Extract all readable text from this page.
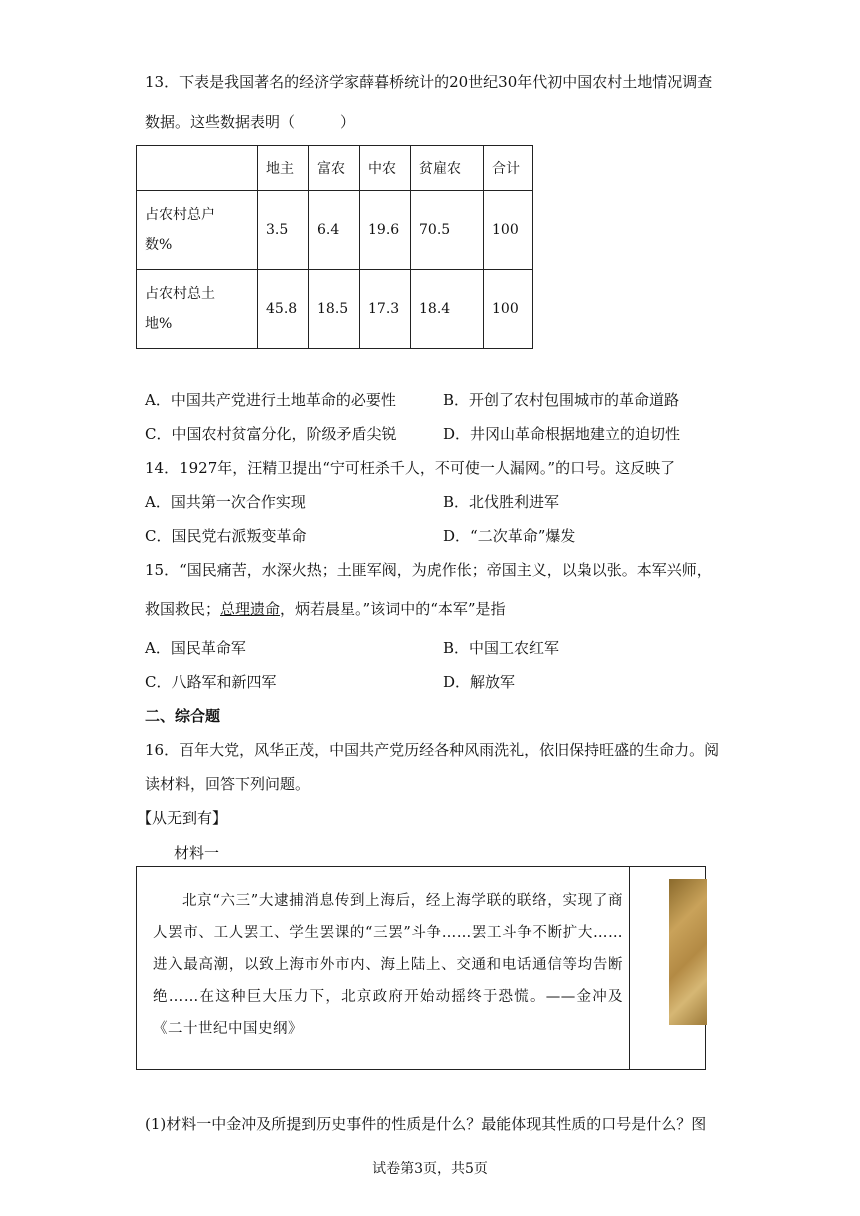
13．下表是我国著名的经济学家薛暮桥统计的20世纪30年代初中国农村土地情况调查
数据。这些数据表明（　　　）
	地主	富农	中农	贫雇农	合计

占农村总户
数%	3.5	6.4	19.6	70.5	100

占农村总土
地%	45.8	18.5	17.3	18.4	100
A．中国共产党进行土地革命的必要性	B．开创了农村包围城市的革命道路
C．中国农村贫富分化，阶级矛盾尖锐	D．井冈山革命根据地建立的迫切性
14．1927年，汪精卫提出“宁可枉杀千人，不可使一人漏网。”的口号。这反映了
A．国共第一次合作实现	B．北伐胜利进军
C．国民党右派叛变革命	D．“二次革命”爆发
15．“国民痛苦，水深火热；土匪军阀，为虎作伥；帝国主义，以枭以张。本军兴师，
救国救民；总理遗命，炳若晨星。”该词中的“本军”是指
A．国民革命军	B．中国工农红军
C．八路军和新四军	D．解放军
二、综合题
16．百年大党，风华正茂，中国共产党历经各种风雨洗礼，依旧保持旺盛的生命力。阅
读材料，回答下列问题。
【从无到有】
材料一
北京“六三”大逮捕消息传到上海后，经上海学联的联络，实现了商人罢市、工人罢工、学生罢课的“三罢”斗争……罢工斗争不断扩大……进入最高潮，以致上海市外市内、海上陆上、交通和电话通信等均告断绝……在这种巨大压力下，北京政府开始动摇终于恐慌。——金冲及《二十世纪中国史纲》
(1)材料一中金冲及所提到历史事件的性质是什么？最能体现其性质的口号是什么？图
试卷第3页，共5页
